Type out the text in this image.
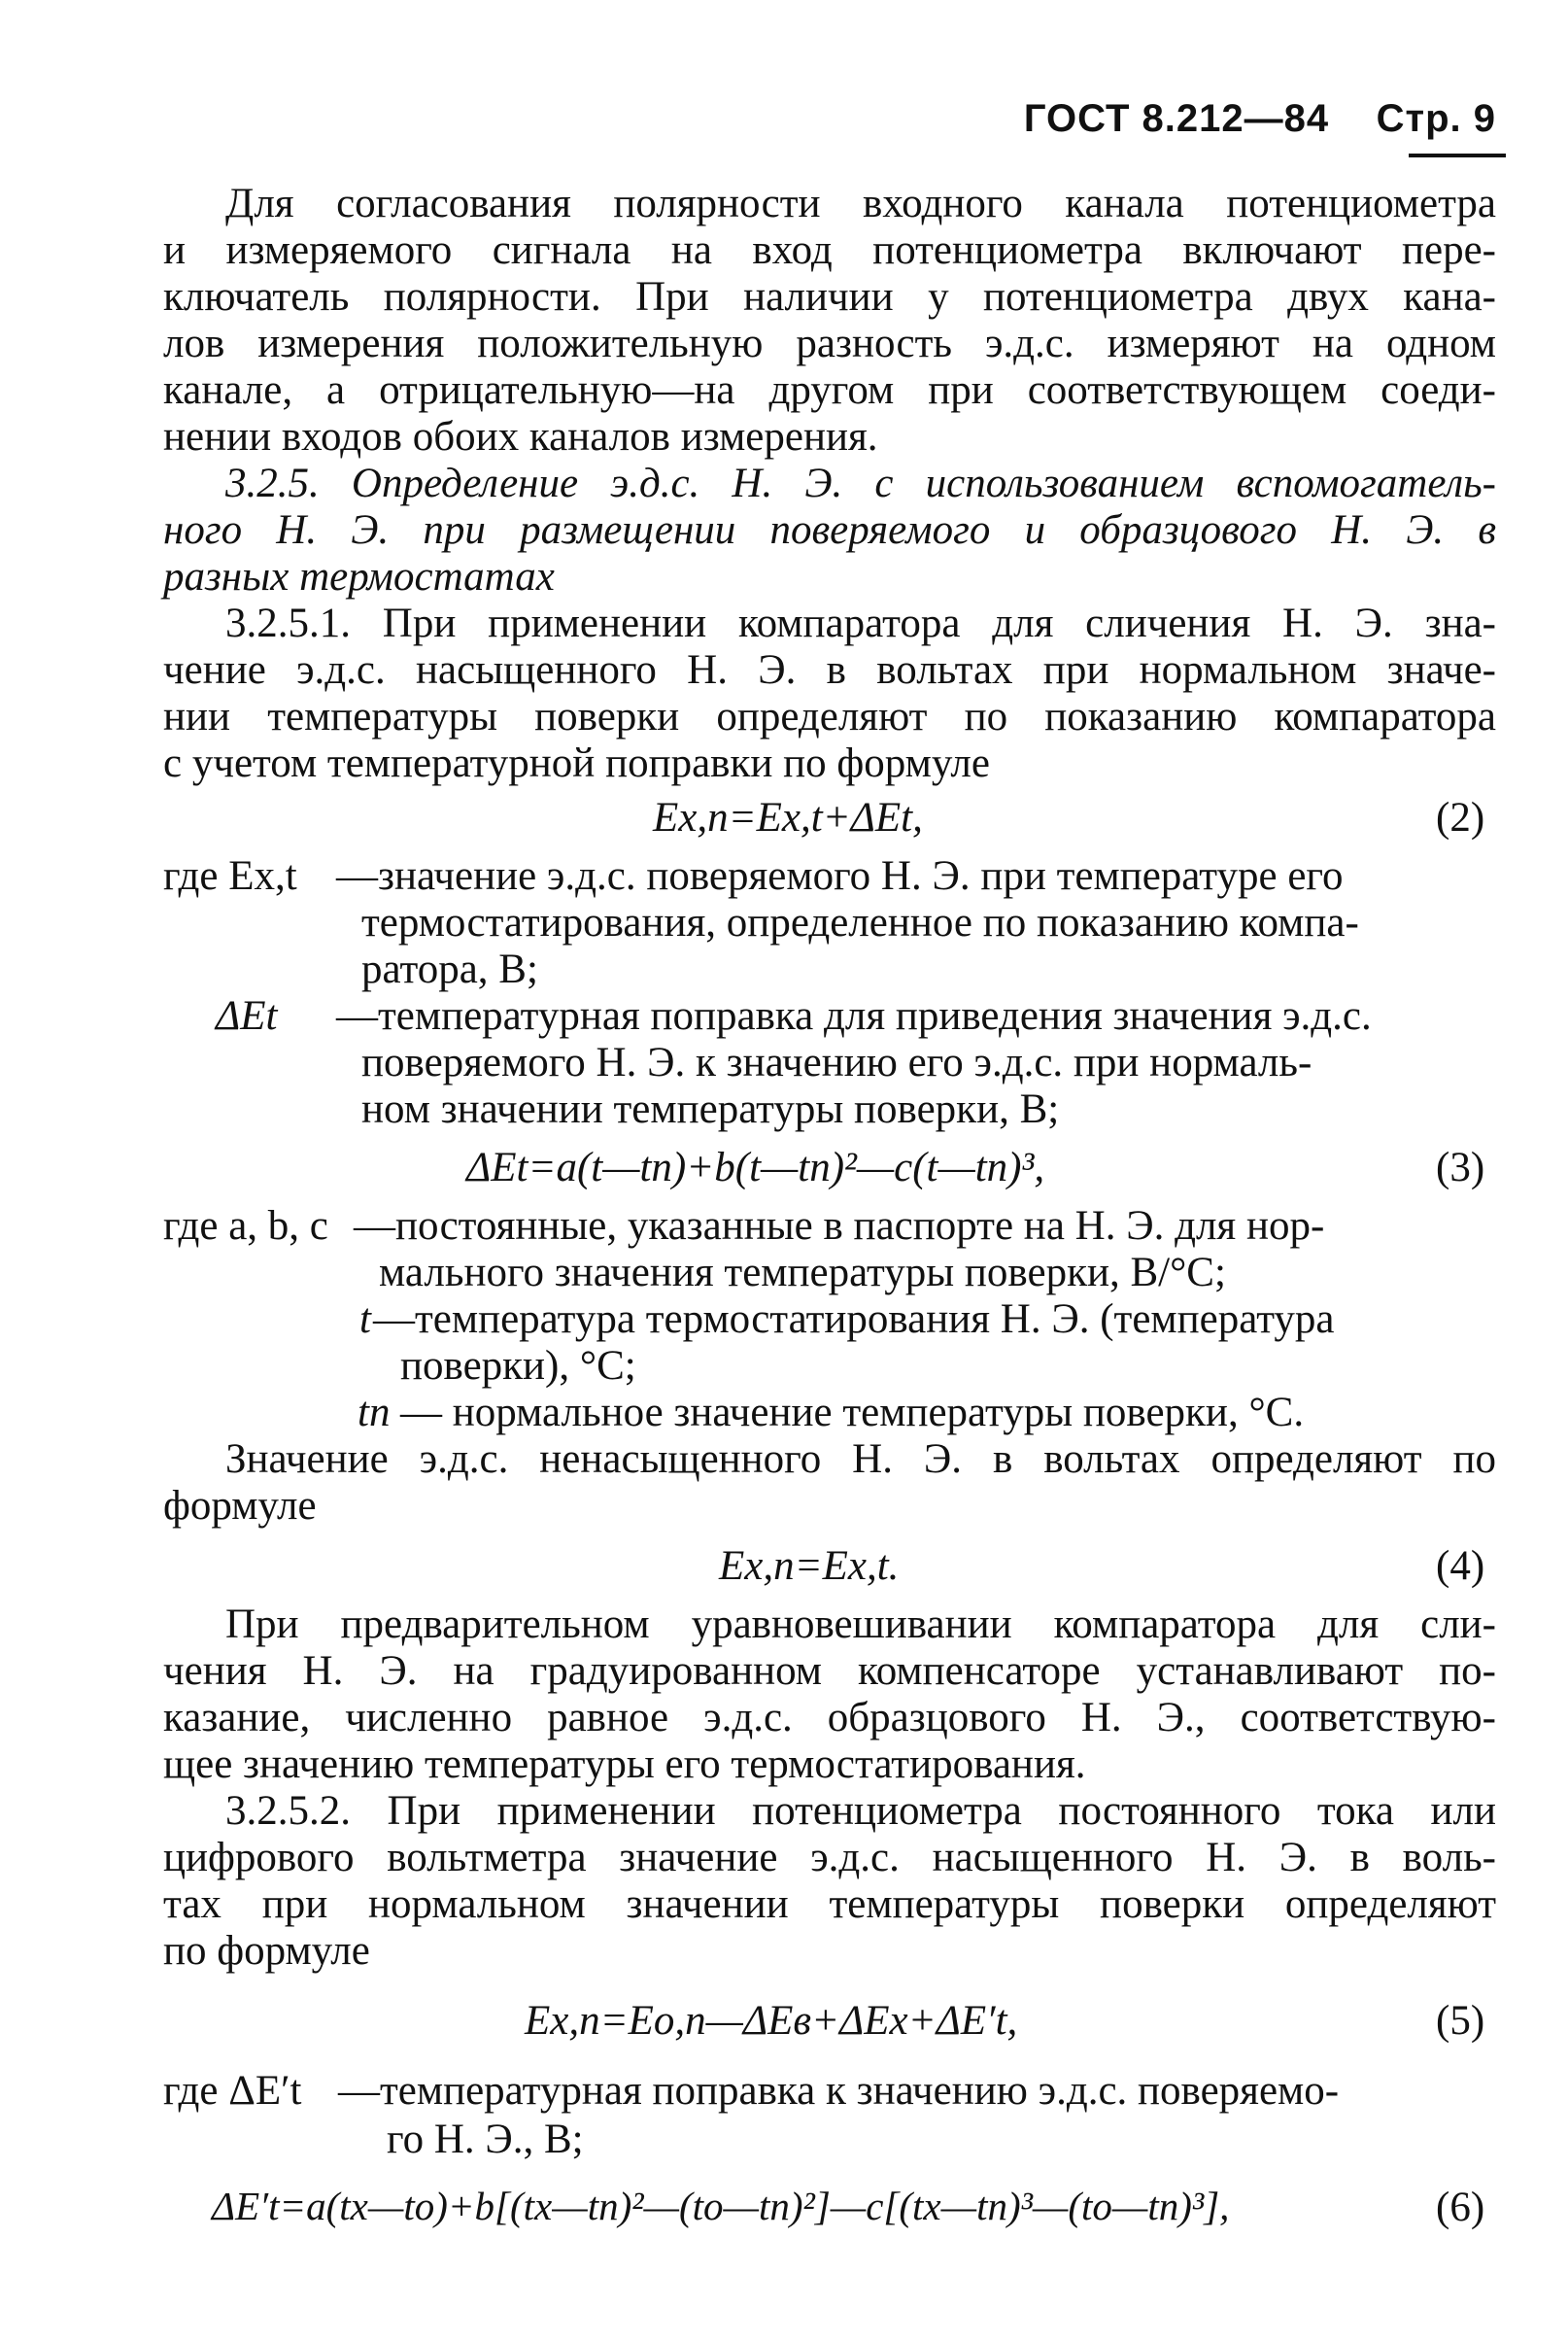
ГОСТ 8.212—84 Стр. 9
Для согласования полярности входного канала потенциометра
и измеряемого сигнала на вход потенциометра включают пере-
ключатель полярности. При наличии у потенциометра двух кана-
лов измерения положительную разность э.д.с. измеряют на одном
канале, а отрицательную—на другом при соответствующем соеди-
нении входов обоих каналов измерения.
3.2.5. Определение э.д.с. Н. Э. с использованием вспомогатель-
ного Н. Э. при размещении поверяемого и образцового Н. Э. в
разных термостатах
3.2.5.1. При применении компаратора для сличения Н. Э. зна-
чение э.д.с. насыщенного Н. Э. в вольтах при нормальном значе-
нии температуры поверки определяют по показанию компаратора
с учетом температурной поправки по формуле
Ex,п=Ex,t+ΔEt,	(2)
где Ex,t —значение э.д.с. поверяемого Н. Э. при температуре его
термостатирования, определенное по показанию компа-
ратора, В;
ΔEt —температурная поправка для приведения значения э.д.с.
поверяемого Н. Э. к значению его э.д.с. при нормаль-
ном значении температуры поверки, В;
ΔEt=a(t—tп)+b(t—tп)²—c(t—tп)³,	(3)
где a, b, c —постоянные, указанные в паспорте на Н. Э. для нор-
мального значения температуры поверки, В/°С;
t —температура термостатирования Н. Э. (температура
поверки), °С;
tп — нормальное значение температуры поверки, °С.
Значение э.д.с. ненасыщенного Н. Э. в вольтах определяют по
формуле
Ex,п=Ex,t.	(4)
При предварительном уравновешивании компаратора для сли-
чения Н. Э. на градуированном компенсаторе устанавливают по-
казание, численно равное э.д.с. образцового Н. Э., соответствую-
щее значению температуры его термостатирования.
3.2.5.2. При применении потенциометра постоянного тока или
цифрового вольтметра значение э.д.с. насыщенного Н. Э. в воль-
тах при нормальном значении температуры поверки определяют
по формуле
Ex,п=Eo,п—ΔEв+ΔEx+ΔE′t,	(5)
где ΔE′t —температурная поправка к значению э.д.с. поверяемо-
го Н. Э., В;
ΔE′t=a(tx—to)+b[(tx—tп)²—(to—tп)²]—c[(tx—tп)³—(to—tп)³],	(6)
